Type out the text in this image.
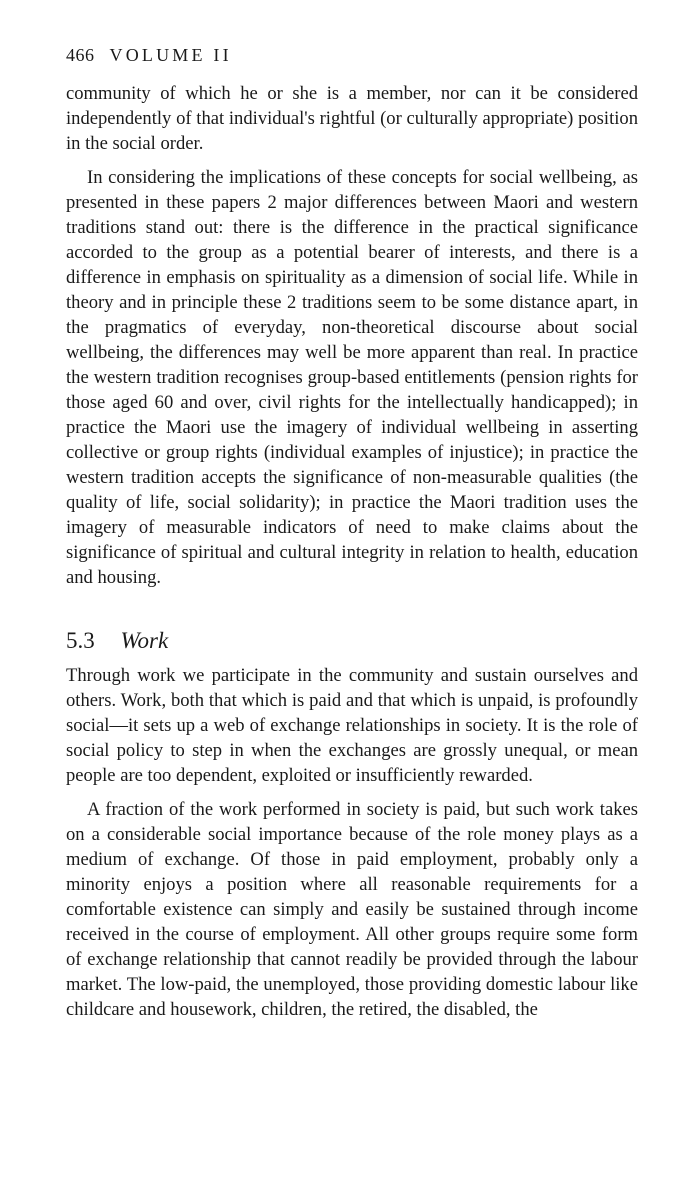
466 VOLUME II

community of which he or she is a member, nor can it be considered independently of that individual's rightful (or culturally appropriate) position in the social order.

In considering the implications of these concepts for social wellbeing, as presented in these papers 2 major differences between Maori and western traditions stand out: there is the difference in the practical significance accorded to the group as a potential bearer of interests, and there is a difference in emphasis on spirituality as a dimension of social life. While in theory and in principle these 2 traditions seem to be some distance apart, in the pragmatics of everyday, non-theoretical discourse about social wellbeing, the differences may well be more apparent than real. In practice the western tradition recognises group-based entitlements (pension rights for those aged 60 and over, civil rights for the intellectually handicapped); in practice the Maori use the imagery of individual wellbeing in asserting collective or group rights (individual examples of injustice); in practice the western tradition accepts the significance of non-measurable qualities (the quality of life, social solidarity); in practice the Maori tradition uses the imagery of measurable indicators of need to make claims about the significance of spiritual and cultural integrity in relation to health, education and housing.

5.3 Work

Through work we participate in the community and sustain ourselves and others. Work, both that which is paid and that which is unpaid, is profoundly social—it sets up a web of exchange relationships in society. It is the role of social policy to step in when the exchanges are grossly unequal, or mean people are too dependent, exploited or insufficiently rewarded.

A fraction of the work performed in society is paid, but such work takes on a considerable social importance because of the role money plays as a medium of exchange. Of those in paid employment, probably only a minority enjoys a position where all reasonable requirements for a comfortable existence can simply and easily be sustained through income received in the course of employment. All other groups require some form of exchange relationship that cannot readily be provided through the labour market. The low-paid, the unemployed, those providing domestic labour like childcare and housework, children, the retired, the disabled, the
